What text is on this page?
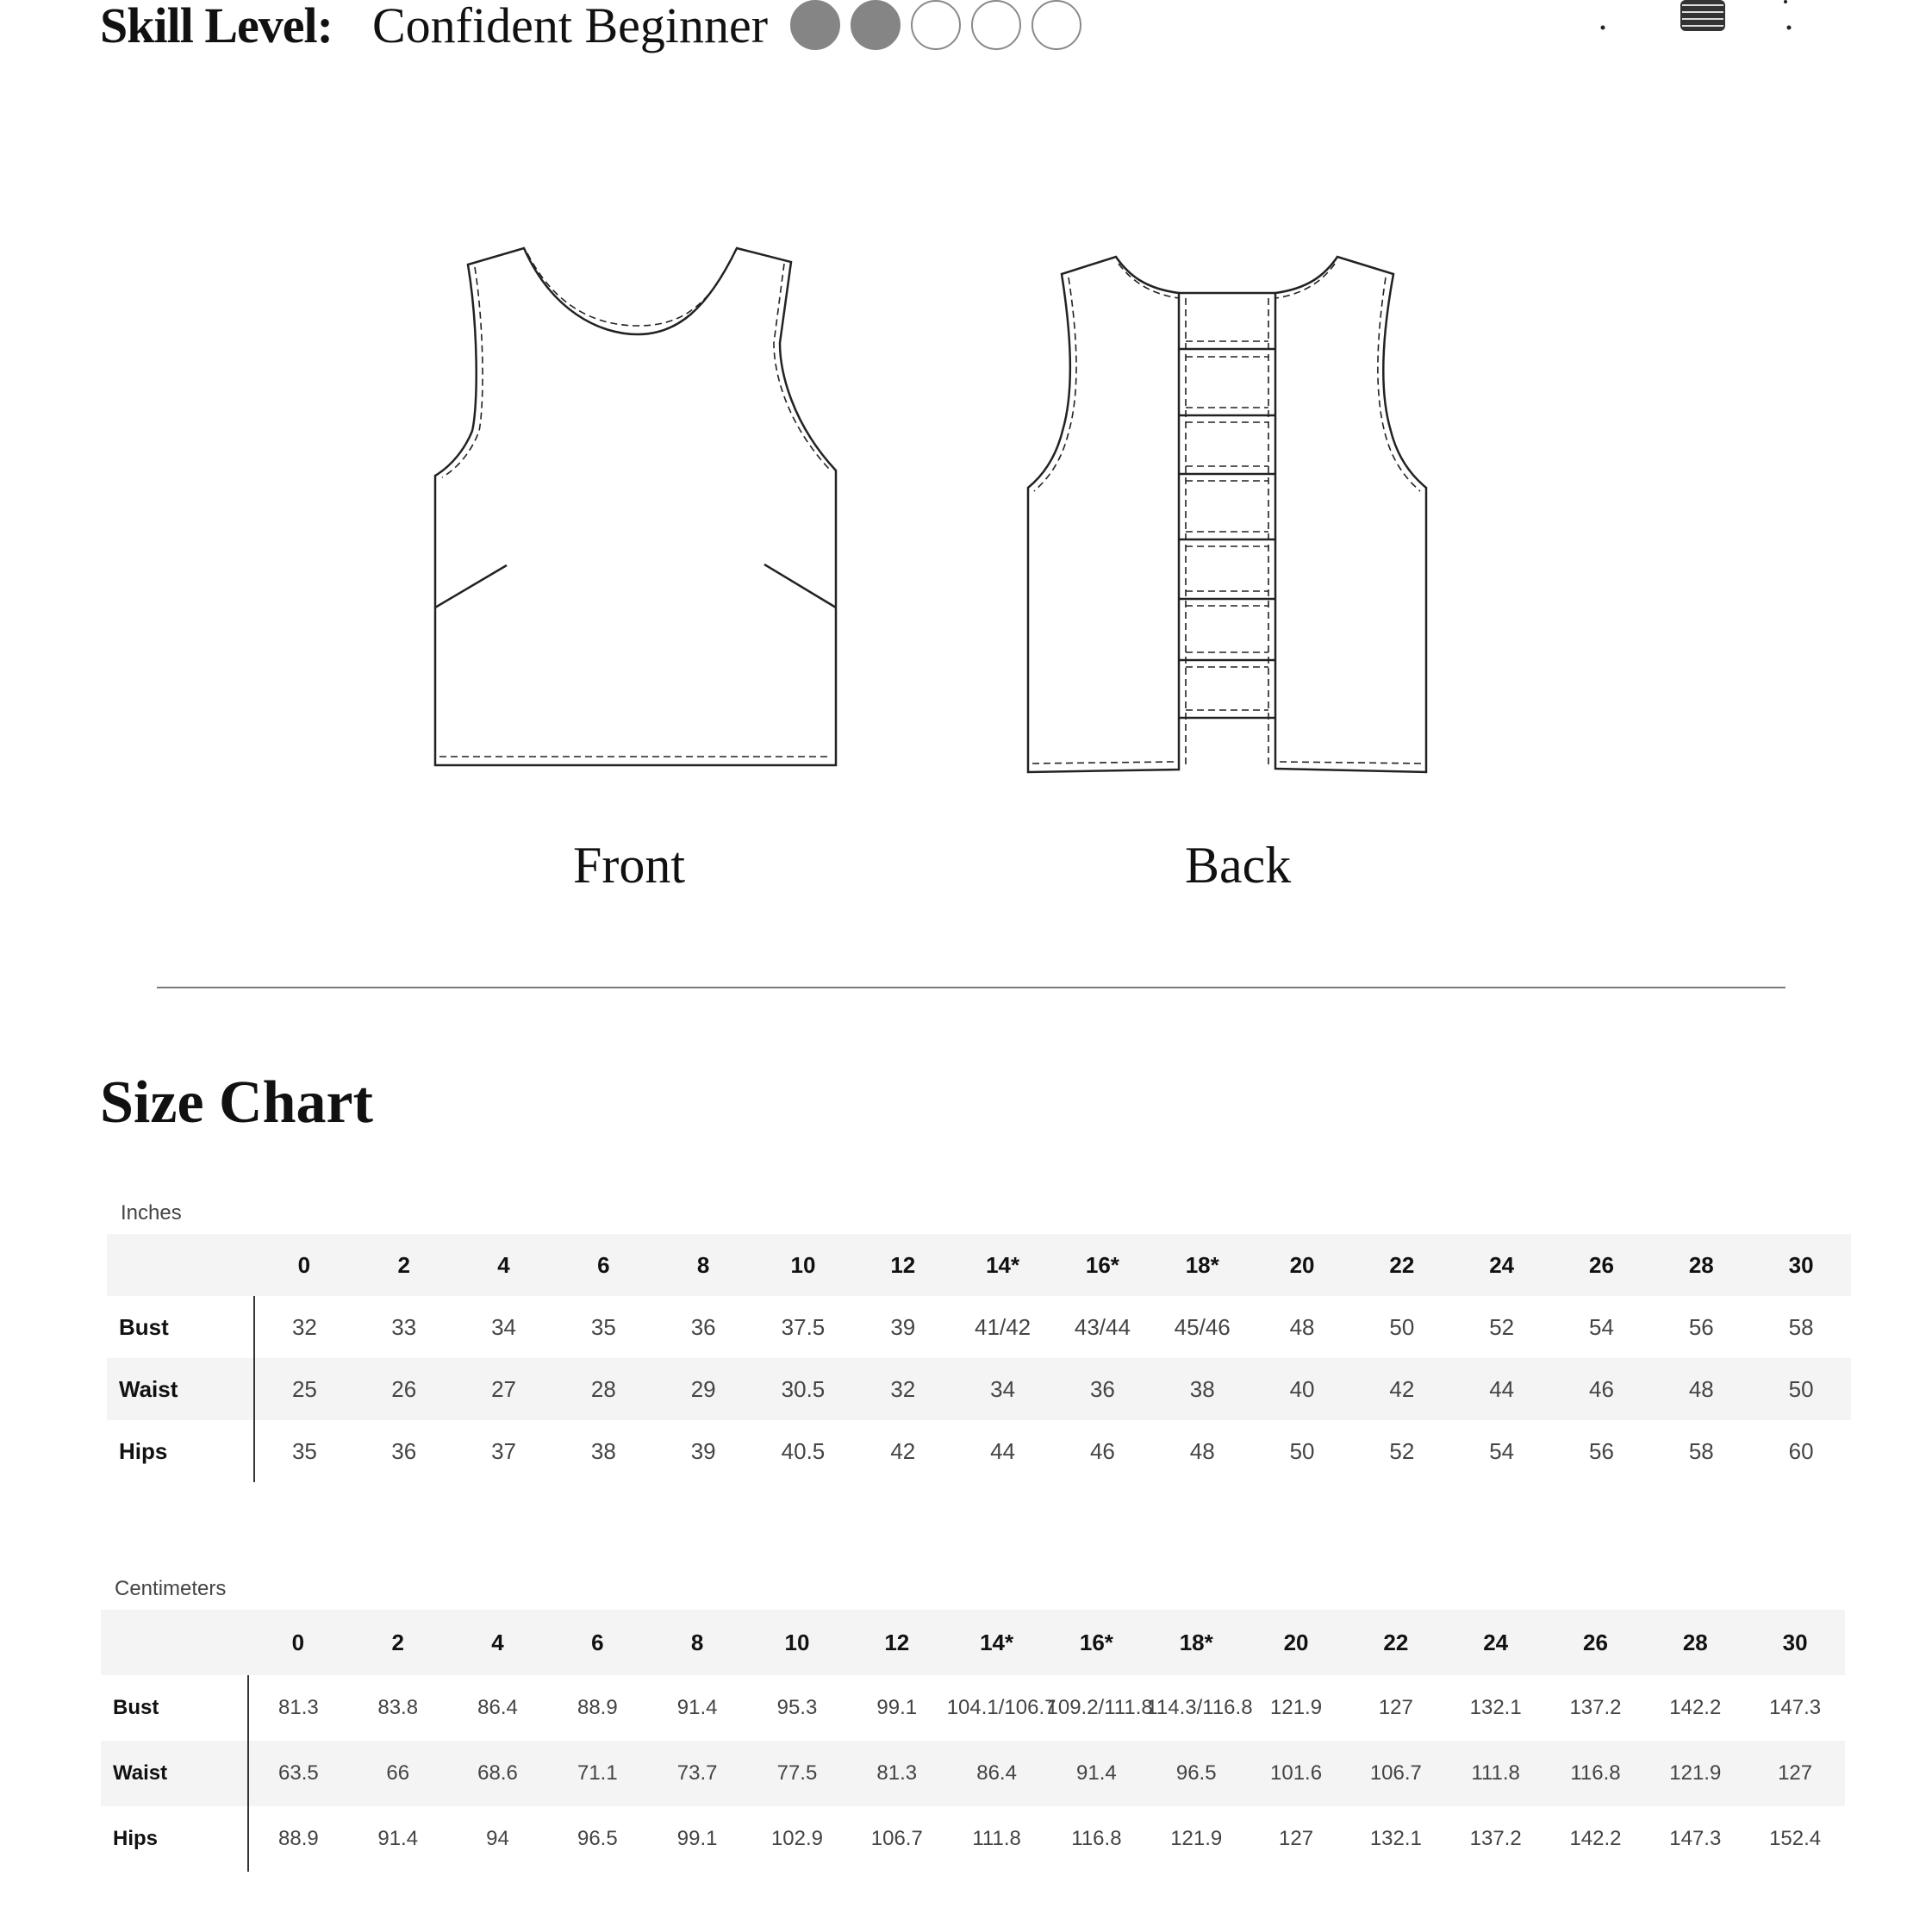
Skill Level: Confident Beginner
Front	Back
Size Chart
Inches
	0	2	4	6	8	10	12	14*	16*	18*	20	22	24	26	28	30
Bust	32	33	34	35	36	37.5	39	41/42	43/44	45/46	48	50	52	54	56	58
Waist	25	26	27	28	29	30.5	32	34	36	38	40	42	44	46	48	50
Hips	35	36	37	38	39	40.5	42	44	46	48	50	52	54	56	58	60
Centimeters
	0	2	4	6	8	10	12	14*	16*	18*	20	22	24	26	28	30
Bust	81.3	83.8	86.4	88.9	91.4	95.3	99.1	104.1/106.7	109.2/111.8	114.3/116.8	121.9	127	132.1	137.2	142.2	147.3
Waist	63.5	66	68.6	71.1	73.7	77.5	81.3	86.4	91.4	96.5	101.6	106.7	111.8	116.8	121.9	127
Hips	88.9	91.4	94	96.5	99.1	102.9	106.7	111.8	116.8	121.9	127	132.1	137.2	142.2	147.3	152.4
